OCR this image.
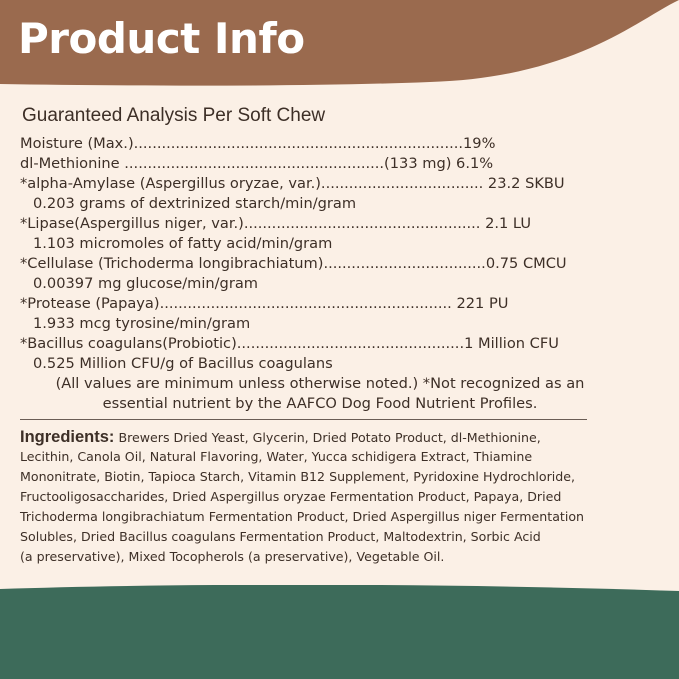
Product Info
Guaranteed Analysis Per Soft Chew
Moisture (Max.).......................................................................19%
dl-Methionine ........................................................(133 mg) 6.1%
*alpha-Amylase (Aspergillus oryzae, var.)................................... 23.2 SKBU
0.203 grams of dextrinized starch/min/gram
*Lipase(Aspergillus niger, var.)................................................... 2.1 LU
1.103 micromoles of fatty acid/min/gram
*Cellulase (Trichoderma longibrachiatum)...................................0.75 CMCU
0.00397 mg glucose/min/gram
*Protease (Papaya)............................................................... 221 PU
1.933 mcg tyrosine/min/gram
*Bacillus coagulans(Probiotic).................................................1 Million CFU
0.525 Million CFU/g of Bacillus coagulans
(All values are minimum unless otherwise noted.) *Not recognized as an
essential nutrient by the AAFCO Dog Food Nutrient Profiles.
Ingredients: Brewers Dried Yeast, Glycerin, Dried Potato Product, dl-Methionine,
Lecithin, Canola Oil, Natural Flavoring, Water, Yucca schidigera Extract, Thiamine
Mononitrate, Biotin, Tapioca Starch, Vitamin B12 Supplement, Pyridoxine Hydrochloride,
Fructooligosaccharides, Dried Aspergillus oryzae Fermentation Product, Papaya, Dried
Trichoderma longibrachiatum Fermentation Product, Dried Aspergillus niger Fermentation
Solubles, Dried Bacillus coagulans Fermentation Product, Maltodextrin, Sorbic Acid
(a preservative), Mixed Tocopherols (a preservative), Vegetable Oil.
